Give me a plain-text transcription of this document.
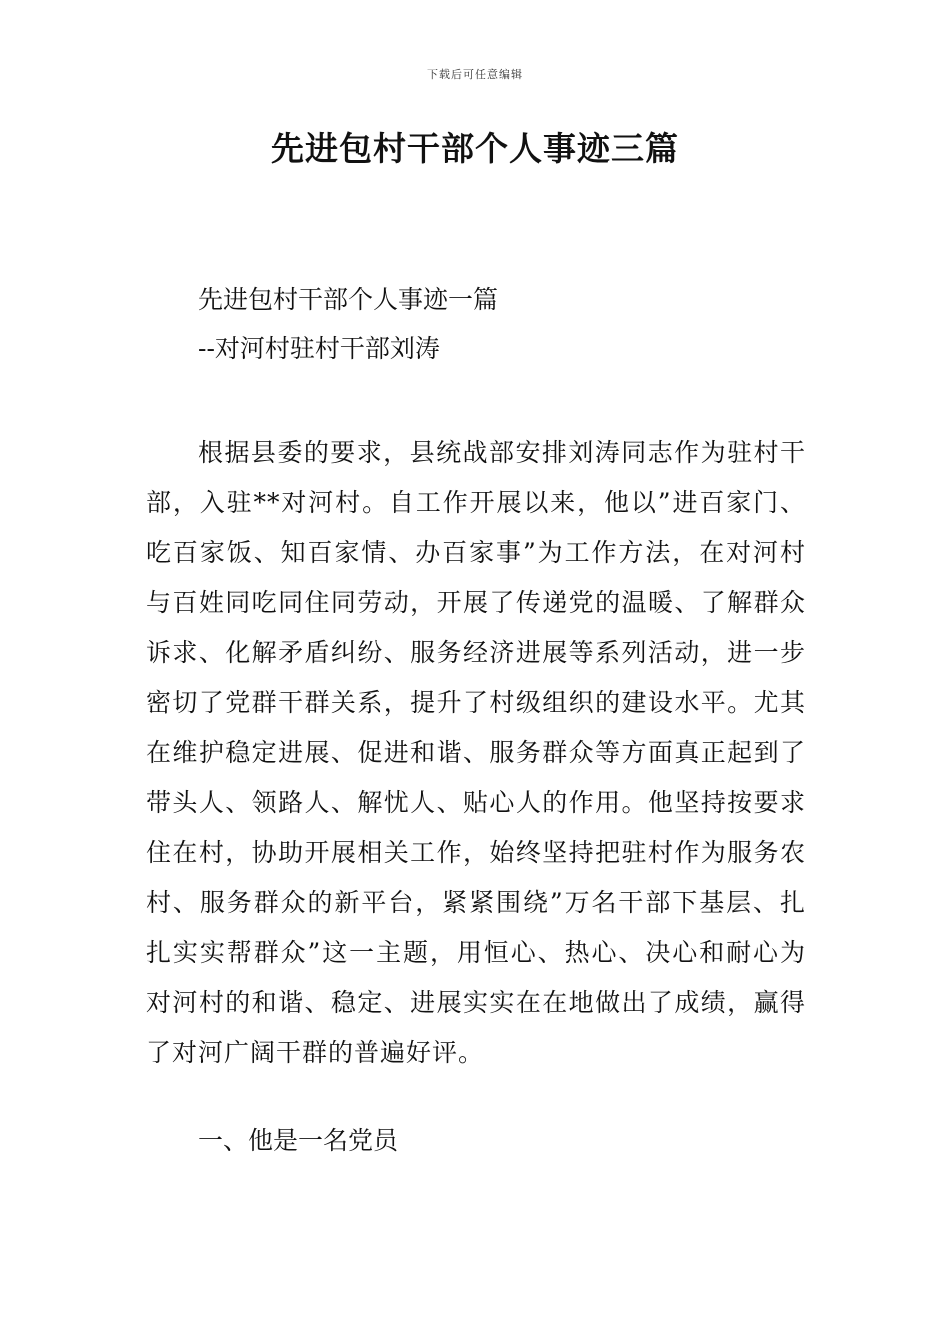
下载后可任意编辑
先进包村干部个人事迹三篇
先进包村干部个人事迹一篇
--对河村驻村干部刘涛

根据县委的要求，县统战部安排刘涛同志作为驻村干部，入驻**对河村。自工作开展以来，他以”进百家门、吃百家饭、知百家情、办百家事”为工作方法，在对河村与百姓同吃同住同劳动，开展了传递党的温暖、了解群众诉求、化解矛盾纠纷、服务经济进展等系列活动，进一步密切了党群干群关系，提升了村级组织的建设水平。尤其在维护稳定进展、促进和谐、服务群众等方面真正起到了带头人、领路人、解忧人、贴心人的作用。他坚持按要求住在村，协助开展相关工作，始终坚持把驻村作为服务农村、服务群众的新平台，紧紧围绕”万名干部下基层、扎扎实实帮群众”这一主题，用恒心、热心、决心和耐心为对河村的和谐、稳定、进展实实在在地做出了成绩，赢得了对河广阔干群的普遍好评。

一、他是一名党员
